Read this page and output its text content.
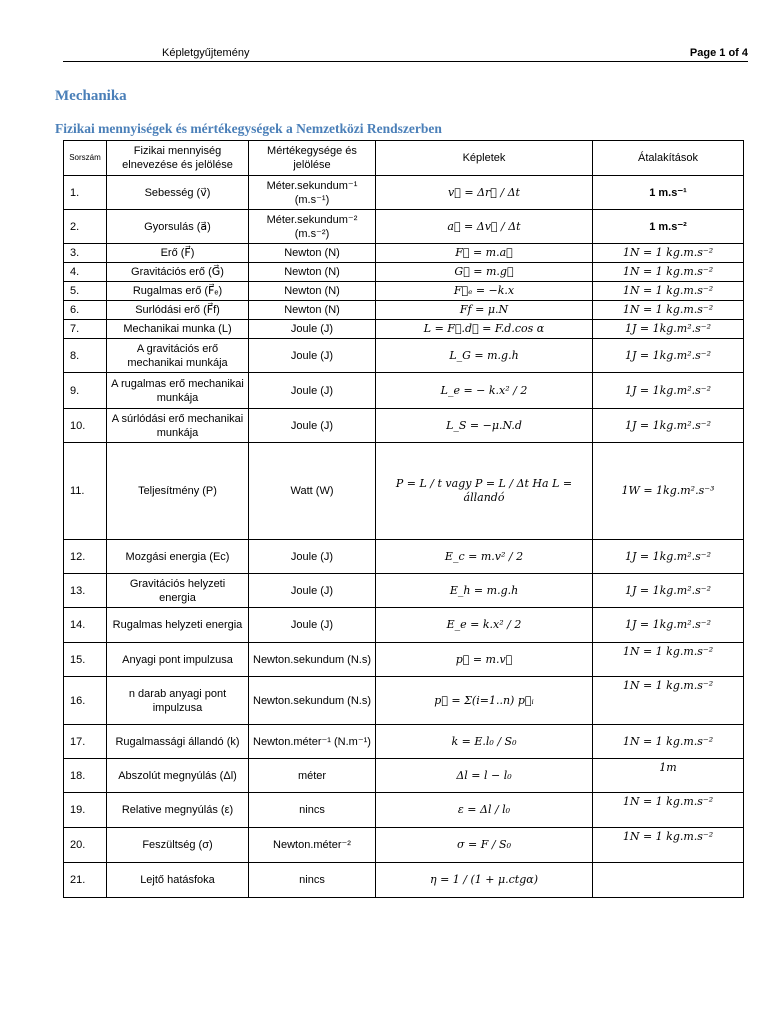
Képletgyűjtemény	Page 1 of 4
Mechanika
Fizikai mennyiségek és mértékegységek a Nemzetközi Rendszerben
Sorszám	Fizikai mennyiség elnevezése és jelölése	Mértékegysége és jelölése	Képletek	Átalakítások
1.	Sebesség (v⃗)	Méter.sekundum⁻¹ (m.s⁻¹)	v⃗ = Δr⃗ / Δt	1 m.s⁻¹
2.	Gyorsulás (a⃗)	Méter.sekundum⁻² (m.s⁻²)	a⃗ = Δv⃗ / Δt	1 m.s⁻²
3.	Erő (F⃗)	Newton (N)	F⃗ = m.a⃗	1N = 1 kg.m.s⁻²
4.	Gravitációs erő (G⃗)	Newton (N)	G⃗ = m.g⃗	1N = 1 kg.m.s⁻²
5.	Rugalmas erő (F⃗ₑ)	Newton (N)	F⃗ₑ = −k.x	1N = 1 kg.m.s⁻²
6.	Surlódási erő (F⃗f)	Newton (N)	Ff = μ.N	1N = 1 kg.m.s⁻²
7.	Mechanikai munka (L)	Joule (J)	L = F⃗.d⃗ = F.d.cos α	1J = 1kg.m².s⁻²
8.	A gravitációs erő mechanikai munkája	Joule (J)	L_G = m.g.h	1J = 1kg.m².s⁻²
9.	A rugalmas erő mechanikai munkája	Joule (J)	L_e = − k.x² / 2	1J = 1kg.m².s⁻²
10.	A súrlódási erő mechanikai munkája	Joule (J)	L_S = −μ.N.d	1J = 1kg.m².s⁻²
11.	Teljesítmény (P)	Watt (W)	P = L / t vagy P = L / Δt Ha L = állandó	1W = 1kg.m².s⁻³
12.	Mozgási energia (Ec)	Joule (J)	E_c = m.v² / 2	1J = 1kg.m².s⁻²
13.	Gravitációs helyzeti energia	Joule (J)	E_h = m.g.h	1J = 1kg.m².s⁻²
14.	Rugalmas helyzeti energia	Joule (J)	E_e = k.x² / 2	1J = 1kg.m².s⁻²
15.	Anyagi pont impulzusa	Newton.sekundum (N.s)	p⃗ = m.v⃗	1N = 1 kg.m.s⁻²
16.	n darab anyagi pont impulzusa	Newton.sekundum (N.s)	p⃗ = Σ(i=1..n) p⃗ᵢ	1N = 1 kg.m.s⁻²
17.	Rugalmassági állandó (k)	Newton.méter⁻¹ (N.m⁻¹)	k = E.l₀ / S₀	1N = 1 kg.m.s⁻²
18.	Abszolút megnyúlás (Δl)	méter	Δl = l − l₀	1m
19.	Relative megnyúlás (ε)	nincs	ε = Δl / l₀	1N = 1 kg.m.s⁻²
20.	Feszültség (σ)	Newton.méter⁻²	σ = F / S₀	1N = 1 kg.m.s⁻²
21.	Lejtő hatásfoka	nincs	η = 1 / (1 + μ.ctgα)	
